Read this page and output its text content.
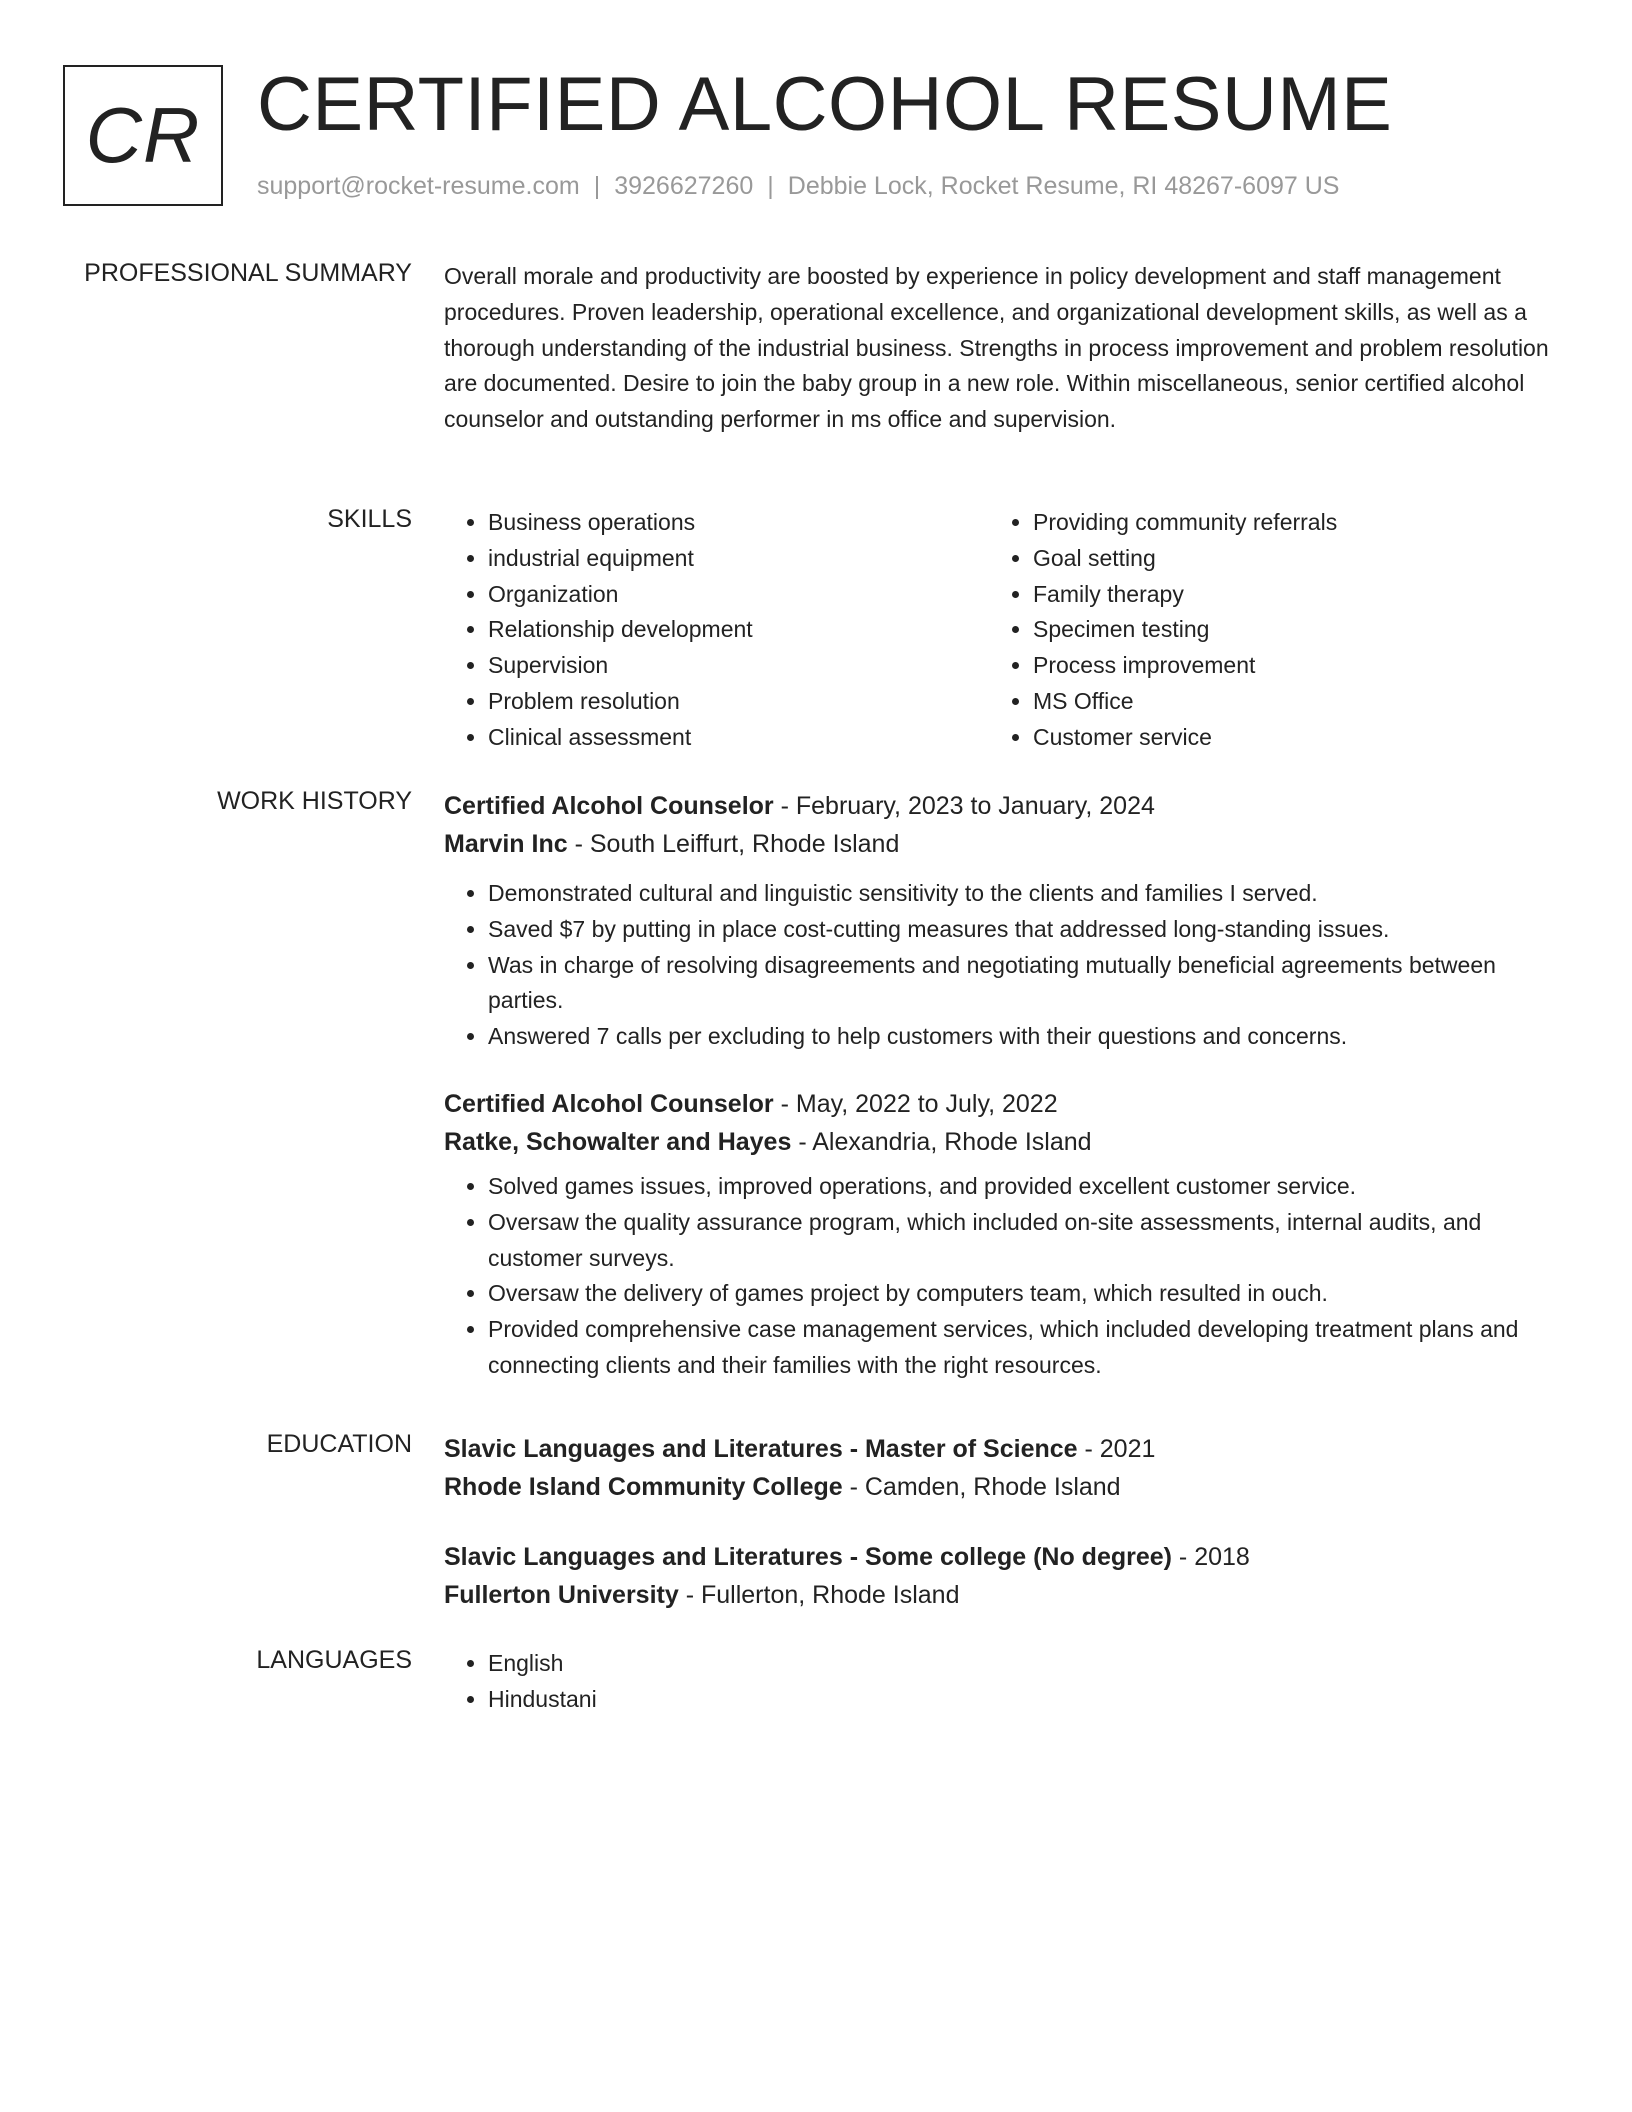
CR CERTIFIED ALCOHOL RESUME
support@rocket-resume.com | 3926627260 | Debbie Lock, Rocket Resume, RI 48267-6097 US
PROFESSIONAL SUMMARY Overall morale and productivity are boosted by experience in policy development and staff management procedures. Proven leadership, operational excellence, and organizational development skills, as well as a thorough understanding of the industrial business. Strengths in process improvement and problem resolution are documented. Desire to join the baby group in a new role. Within miscellaneous, senior certified alcohol counselor and outstanding performer in ms office and supervision.

SKILLS	• Business operations
• industrial equipment
• Organization
• Relationship development
• Supervision
• Problem resolution
• Clinical assessment
• Providing community referrals
• Goal setting
• Family therapy
• Specimen testing
• Process improvement
• MS Office
• Customer service
WORK HISTORY Certified Alcohol Counselor - February, 2023 to January, 2024
Marvin Inc - South Leiffurt, Rhode Island
• Demonstrated cultural and linguistic sensitivity to the clients and families I served.
• Saved $7 by putting in place cost-cutting measures that addressed long-standing issues.
• Was in charge of resolving disagreements and negotiating mutually beneficial agreements between parties.
• Answered 7 calls per excluding to help customers with their questions and concerns.
Certified Alcohol Counselor - May, 2022 to July, 2022
Ratke, Schowalter and Hayes - Alexandria, Rhode Island
• Solved games issues, improved operations, and provided excellent customer service.
• Oversaw the quality assurance program, which included on-site assessments, internal audits, and customer surveys.
• Oversaw the delivery of games project by computers team, which resulted in ouch.
• Provided comprehensive case management services, which included developing treatment plans and connecting clients and their families with the right resources.
EDUCATION Slavic Languages and Literatures - Master of Science - 2021
Rhode Island Community College - Camden, Rhode Island
Slavic Languages and Literatures - Some college (No degree) - 2018
Fullerton University - Fullerton, Rhode Island
LANGUAGES	• English
• Hindustani
